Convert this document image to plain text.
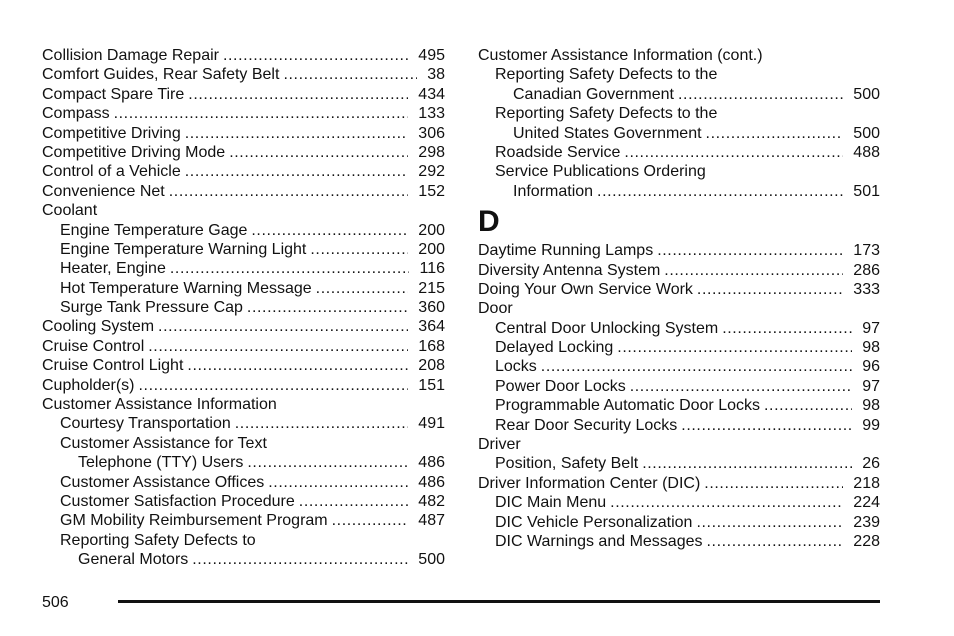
Collision Damage Repair .....	495
Comfort Guides, Rear Safety Belt .....	38
Compact Spare Tire .....	434
Compass .....	133
Competitive Driving .....	306
Competitive Driving Mode .....	298
Control of a Vehicle .....	292
Convenience Net .....	152
Coolant
Engine Temperature Gage .....	200
Engine Temperature Warning Light .....	200
Heater, Engine .....	116
Hot Temperature Warning Message .....	215
Surge Tank Pressure Cap .....	360
Cooling System .....	364
Cruise Control .....	168
Cruise Control Light .....	208
Cupholder(s) .....	151
Customer Assistance Information
Courtesy Transportation .....	491
Customer Assistance for Text
Telephone (TTY) Users .....	486
Customer Assistance Offices .....	486
Customer Satisfaction Procedure .....	482
GM Mobility Reimbursement Program .....	487
Reporting Safety Defects to
General Motors .....	500
Customer Assistance Information (cont.)
Reporting Safety Defects to the
Canadian Government .....	500
Reporting Safety Defects to the
United States Government .....	500
Roadside Service .....	488
Service Publications Ordering
Information .....	501
D
Daytime Running Lamps .....	173
Diversity Antenna System .....	286
Doing Your Own Service Work .....	333
Door
Central Door Unlocking System .....	97
Delayed Locking .....	98
Locks .....	96
Power Door Locks .....	97
Programmable Automatic Door Locks .....	98
Rear Door Security Locks .....	99
Driver
Position, Safety Belt .....	26
Driver Information Center (DIC) .....	218
DIC Main Menu .....	224
DIC Vehicle Personalization .....	239
DIC Warnings and Messages .....	228
506
